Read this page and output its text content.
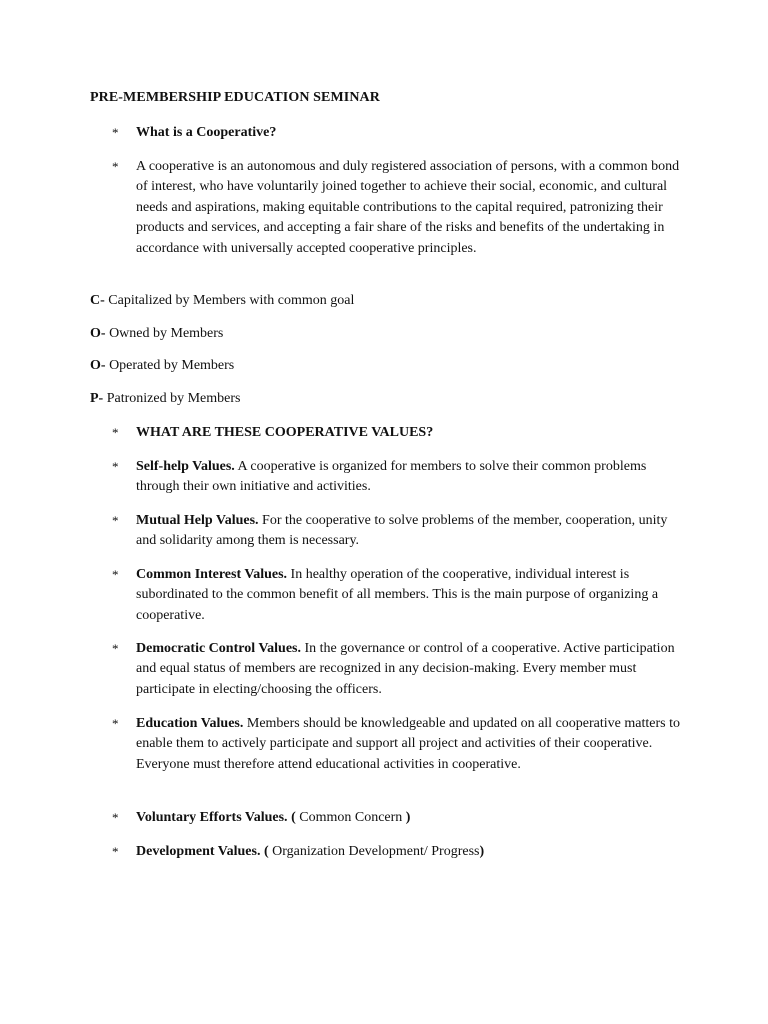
PRE-MEMBERSHIP EDUCATION SEMINAR
* What is a Cooperative?
* A cooperative is an autonomous and duly registered association of persons, with a common bond of interest, who have voluntarily joined together to achieve their social, economic, and cultural needs and aspirations, making equitable contributions to the capital required, patronizing their products and services, and accepting a fair share of the risks and benefits of the undertaking in accordance with universally accepted cooperative principles.
C- Capitalized by Members with common goal
O- Owned by Members
O- Operated by Members
P- Patronized by Members
* WHAT ARE THESE COOPERATIVE VALUES?
* Self-help Values. A cooperative is organized for members to solve their common problems through their own initiative and activities.
* Mutual Help Values. For the cooperative to solve problems of the member, cooperation, unity and solidarity among them is necessary.
* Common Interest Values. In healthy operation of the cooperative, individual interest is subordinated to the common benefit of all members. This is the main purpose of organizing a cooperative.
* Democratic Control Values. In the governance or control of a cooperative. Active participation and equal status of members are recognized in any decision-making. Every member must participate in electing/choosing the officers.
* Education Values. Members should be knowledgeable and updated on all cooperative matters to enable them to actively participate and support all project and activities of their cooperative. Everyone must therefore attend educational activities in cooperative.
* Voluntary Efforts Values. ( Common Concern )
* Development Values. ( Organization Development/ Progress)
